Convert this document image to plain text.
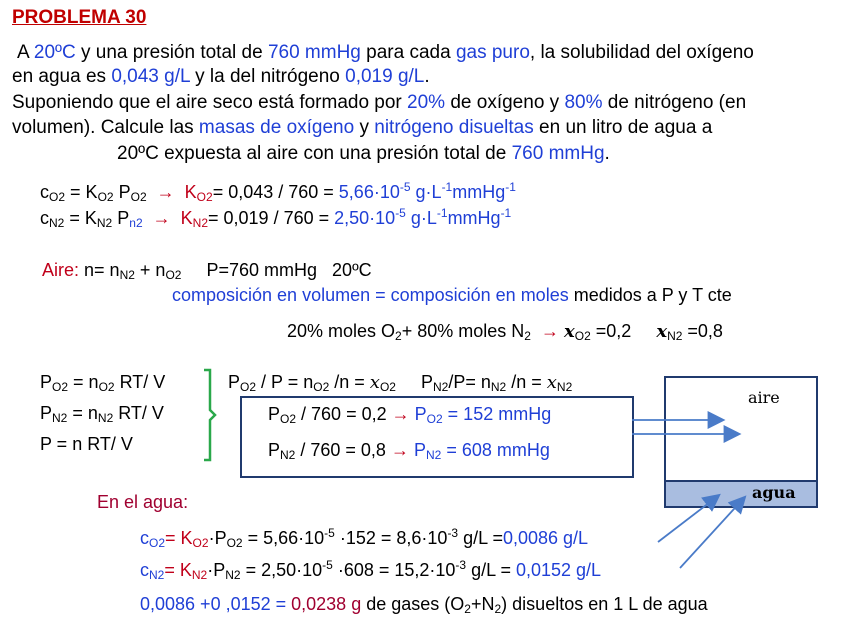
PROBLEMA 30
A 20ºC y una presión total de 760 mmHg para cada gas puro, la solubilidad del oxígeno
en agua es 0,043 g/L y la del nitrógeno 0,019 g/L.
Suponiendo que el aire seco está formado por 20% de oxígeno y 80% de nitrógeno (en
volumen). Calcule las masas de oxígeno y nitrógeno disueltas en un litro de agua a
20ºC expuesta al aire con una presión total de 760 mmHg.
$c_{O2} = K_{O2}$ $P_{O2} \to K_{O2}= 0,043 / 760 = 5,66\cdot 10^{-5}$ $g\cdot L^{-1}mmHg^{-1}$
$c_{N2} = K_{N2}$ $P_{n2} \to K_{N2}= 0,019 / 760 = 2,50\cdot 10^{-5}$ $g\cdot L^{-1}mmHg^{-1}$
Aire: $n= n_{N2} + n_{O2}$ P=760 mmHg 20ºC
composición en volumen = composición en moles medidos a P y T cte
20% moles $O_2+ 80\%$ moles $N_2 \to x_{O2} =0,2$ $x_{N2} =0,8$
$P_{O2} = n_{O2}$ RT/ V
$P_{N2} = n_{N2}$ RT/ V
P = n RT/ V
$P_{O2} / P = n_{O2}$ $/n = x_{O2}$ $P_{N2}/P= n_{N2}$ $/n = x_{N2}$
$P_{O2} / 760 = 0,2 \to P_{O2} = 152$ mmHg
$P_{N2} / 760 = 0,8 \to P_{N2} = 608$ mmHg
aire
agua
En el agua:
$c_{O2}= K_{O2}\cdot P_{O2} = 5,66\cdot 10^{-5} \cdot 152 = 8,6\cdot 10^{-3}$ g/L =0,0086 g/L
$c_{N2}= K_{N2}\cdot P_{N2} = 2,50\cdot 10^{-5} \cdot 608 = 15,2\cdot 10^{-3}$ g/L = 0,0152 g/L
0,0086 +0 ,0152 = 0,0238 g de gases $(O_2+N_2)$ disueltos en 1 L de agua
